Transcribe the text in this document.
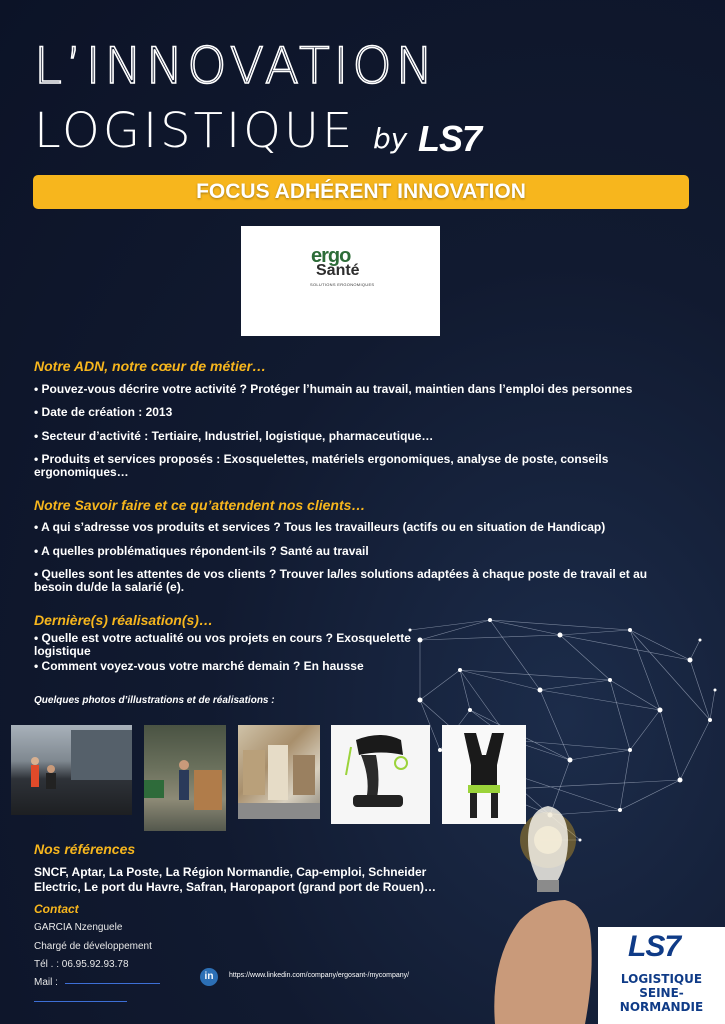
L’INNOVATION
LOGISTIQUE by LS7
FOCUS ADHÉRENT INNOVATION
ergo
Santé
SOLUTIONS ERGONOMIQUES
Notre ADN, notre cœur de métier…
• Pouvez-vous décrire votre activité ? Protéger l’humain au travail, maintien dans l’emploi des personnes
• Date de création : 2013
• Secteur d’activité : Tertiaire, Industriel, logistique, pharmaceutique…
• Produits et services proposés : Exosquelettes, matériels ergonomiques, analyse de poste, conseils ergonomiques…
Notre Savoir faire et ce qu’attendent nos clients…
• A qui s’adresse vos produits et services ? Tous les travailleurs (actifs ou en situation de Handicap)
• A quelles problématiques répondent-ils ? Santé au travail
• Quelles sont les attentes de vos clients ? Trouver la/les solutions adaptées à chaque poste de travail et au besoin du/de la salarié (e).
Dernière(s) réalisation(s)…
• Quelle est votre actualité ou vos projets en cours ? Exosquelette logistique
• Comment voyez-vous votre marché demain ? En hausse
Quelques photos d’illustrations et de réalisations :
Nos références
SNCF, Aptar, La Poste, La Région Normandie, Cap-emploi, Schneider Electric, Le port du Havre, Safran, Haropaport (grand port de Rouen)…
Contact
GARCIA Nzenguele
Chargé de développement
Tél . : 06.95.92.93.78
Mail :
in	https://www.linkedin.com/company/ergosant-/mycompany/
LS7
LOGISTIQUE
SEINE-NORMANDIE
